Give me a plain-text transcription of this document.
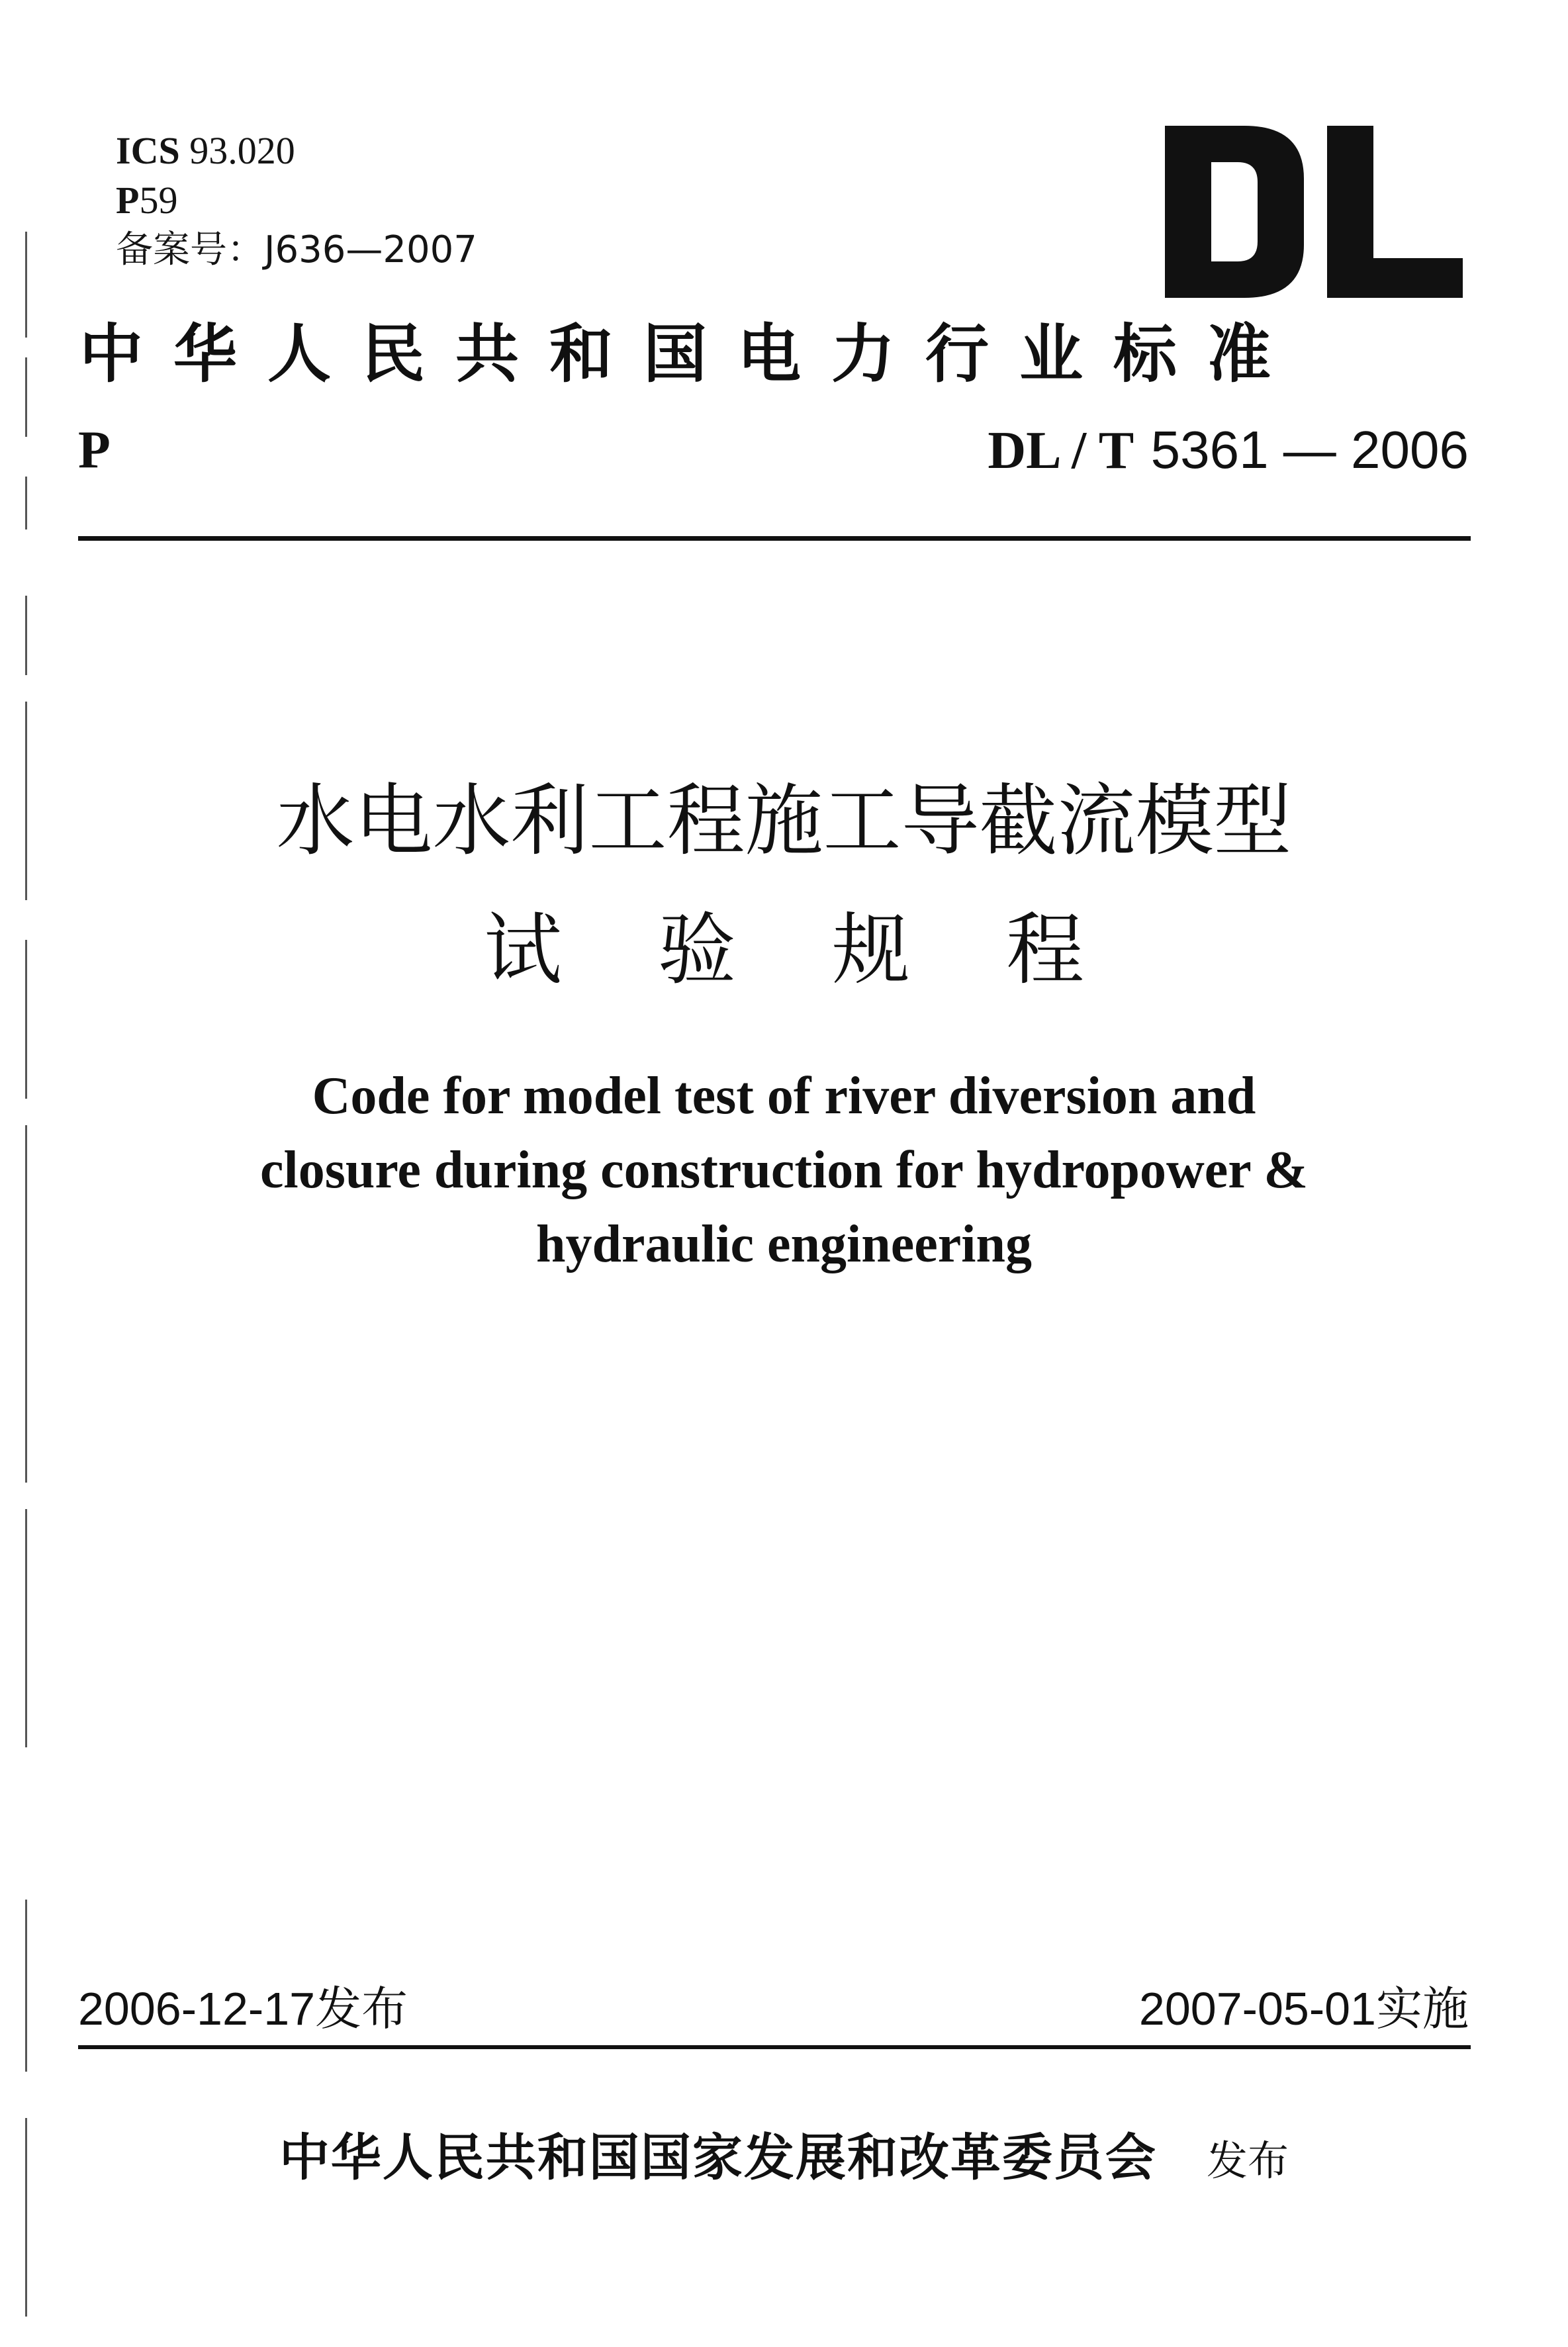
ICS 93.020
P59
备案号：J636—2007
中华人民共和国电力行业标准
P	DL / T 5361 — 2006
水电水利工程施工导截流模型
试验规程
Code for model test of river diversion and
closure during construction for hydropower &
hydraulic engineering
2006-12-17发布	2007-05-01实施
中华人民共和国国家发展和改革委员会 发布
